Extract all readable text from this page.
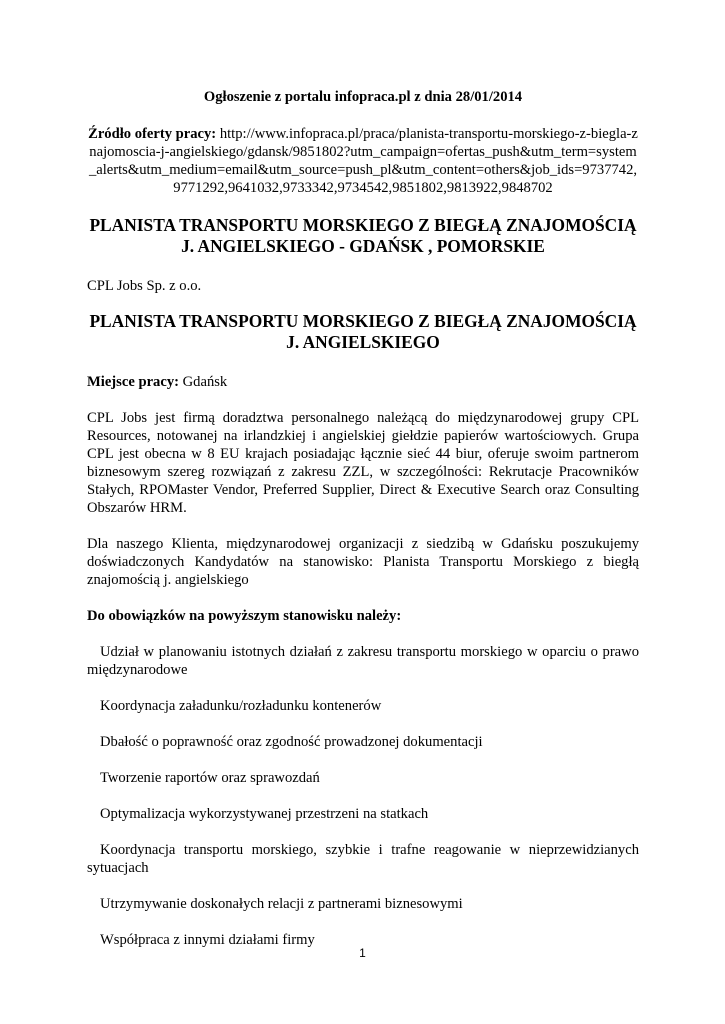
Ogłoszenie z portalu infopraca.pl z dnia 28/01/2014

Źródło oferty pracy: http://www.infopraca.pl/praca/planista-transportu-morskiego-z-biegla-znajomoscia-j-angielskiego/gdansk/9851802?utm_campaign=ofertas_push&utm_term=system_alerts&utm_medium=email&utm_source=push_pl&utm_content=others&job_ids=9737742,9771292,9641032,9733342,9734542,9851802,9813922,9848702

PLANISTA TRANSPORTU MORSKIEGO Z BIEGŁĄ ZNAJOMOŚCIĄ J. ANGIELSKIEGO - GDAŃSK , POMORSKIE

CPL Jobs Sp. z o.o.

PLANISTA TRANSPORTU MORSKIEGO Z BIEGŁĄ ZNAJOMOŚCIĄ J. ANGIELSKIEGO

Miejsce pracy: Gdańsk

CPL Jobs jest firmą doradztwa personalnego należącą do międzynarodowej grupy CPL Resources, notowanej na irlandzkiej i angielskiej giełdzie papierów wartościowych. Grupa CPL jest obecna w 8 EU krajach posiadając łącznie sieć 44 biur, oferuje swoim partnerom biznesowym szereg rozwiązań z zakresu ZZL, w szczególności: Rekrutacje Pracowników Stałych, RPOMaster Vendor, Preferred Supplier, Direct & Executive Search oraz Consulting Obszarów HRM.

Dla naszego Klienta, międzynarodowej organizacji z siedzibą w Gdańsku poszukujemy doświadczonych Kandydatów na stanowisko: Planista Transportu Morskiego z biegłą znajomością j. angielskiego

Do obowiązków na powyższym stanowisku należy:

Udział w planowaniu istotnych działań z zakresu transportu morskiego w oparciu o prawo międzynarodowe

Koordynacja załadunku/rozładunku kontenerów

Dbałość o poprawność oraz zgodność prowadzonej dokumentacji

Tworzenie raportów oraz sprawozdań

Optymalizacja wykorzystywanej przestrzeni na statkach

Koordynacja transportu morskiego, szybkie i trafne reagowanie w nieprzewidzianych sytuacjach

Utrzymywanie doskonałych relacji z partnerami biznesowymi

Współpraca z innymi działami firmy

1
